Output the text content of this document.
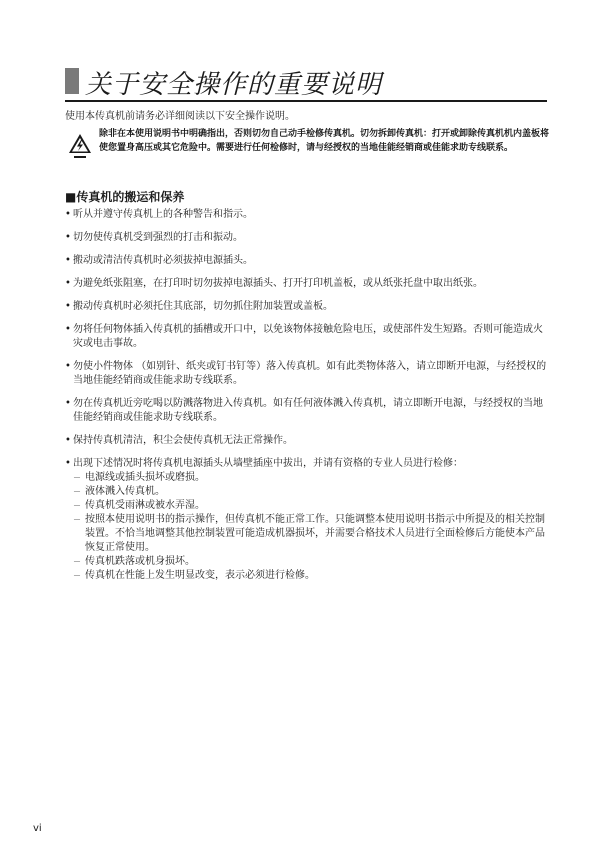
关于安全操作的重要说明
使用本传真机前请务必详细阅读以下安全操作说明。
除非在本使用说明书中明确指出，否则切勿自己动手检修传真机。切勿拆卸传真机：打开或卸除传真机机内盖板将使您置身高压或其它危险中。需要进行任何检修时，请与经授权的当地佳能经销商或佳能求助专线联系。
■传真机的搬运和保养
• 听从并遵守传真机上的各种警告和指示。
• 切勿使传真机受到强烈的打击和振动。
• 搬动或清洁传真机时必须拔掉电源插头。
• 为避免纸张阻塞，在打印时切勿拔掉电源插头、打开打印机盖板，或从纸张托盘中取出纸张。
• 搬动传真机时必须托住其底部，切勿抓住附加装置或盖板。
• 勿将任何物体插入传真机的插槽或开口中，以免该物体接触危险电压，或使部件发生短路。否则可能造成火灾或电击事故。
• 勿使小件物体 （如别针、纸夹或钉书钉等）落入传真机。如有此类物体落入，请立即断开电源，与经授权的当地佳能经销商或佳能求助专线联系。
• 勿在传真机近旁吃喝以防溅落物进入传真机。如有任何液体溅入传真机，请立即断开电源，与经授权的当地佳能经销商或佳能求助专线联系。
• 保持传真机清洁，积尘会使传真机无法正常操作。
• 出现下述情况时将传真机电源插头从墙壁插座中拔出，并请有资格的专业人员进行检修：
－ 电源线或插头损坏或磨损。
－ 液体溅入传真机。
－ 传真机受雨淋或被水弄湿。
－ 按照本使用说明书的指示操作，但传真机不能正常工作。只能调整本使用说明书指示中所提及的相关控制装置。不恰当地调整其他控制装置可能造成机器损坏，并需要合格技术人员进行全面检修后方能使本产品恢复正常使用。
－ 传真机跌落或机身损坏。
－ 传真机在性能上发生明显改变，表示必须进行检修。
vi
